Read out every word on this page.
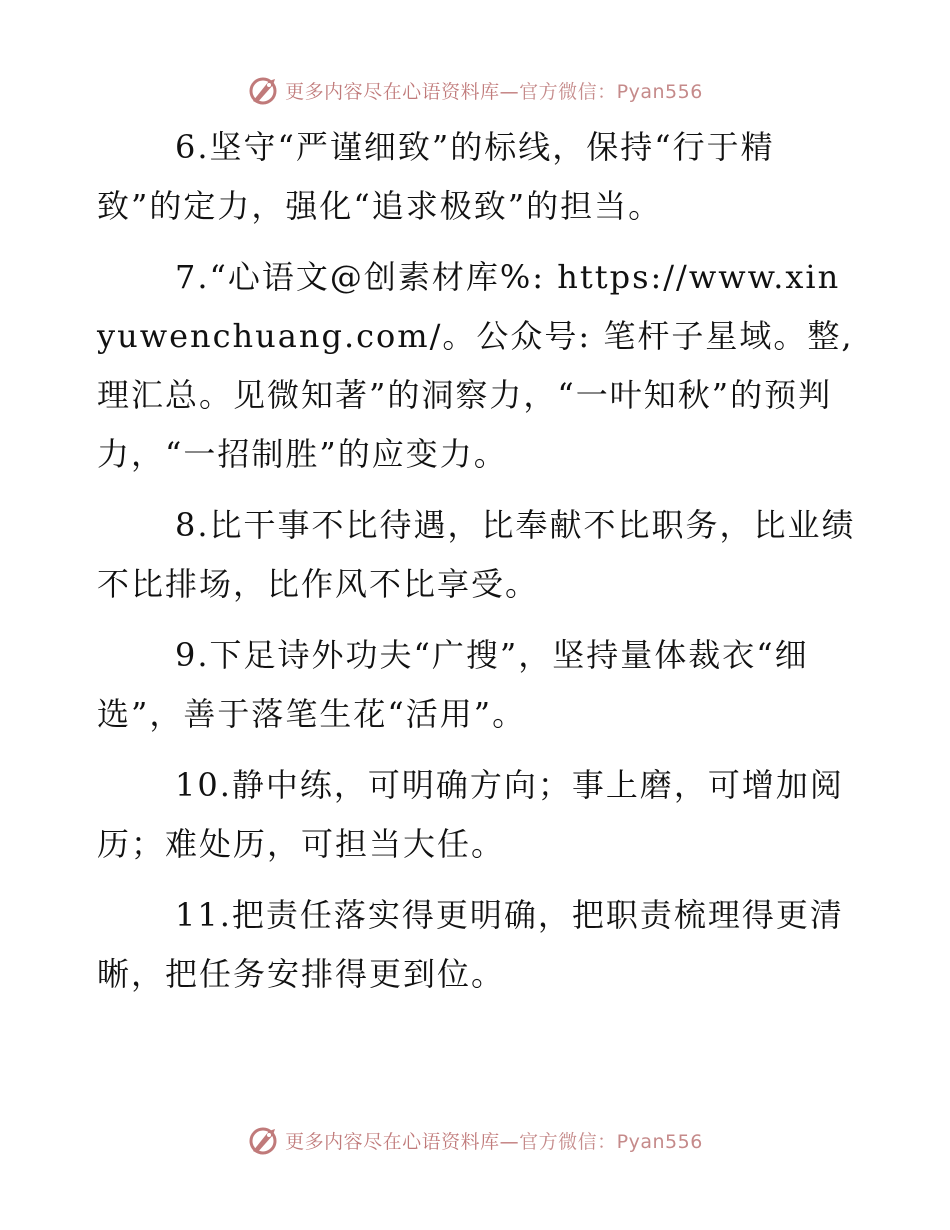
更多内容尽在心语资料库—官方微信：Pyan556

6.坚守“严谨细致”的标线，保持“行于精致”的定力，强化“追求极致”的担当。

7.“心语文@创素材库%: https://www.xinyuwenchuang.com/。公众号: 笔杆子星域。整,理汇总。见微知著”的洞察力，“一叶知秋”的预判力，“一招制胜”的应变力。

8.比干事不比待遇，比奉献不比职务，比业绩不比排场，比作风不比享受。

9.下足诗外功夫“广搜”，坚持量体裁衣“细选”，善于落笔生花“活用”。

10.静中练，可明确方向；事上磨，可增加阅历；难处历，可担当大任。

11.把责任落实得更明确，把职责梳理得更清晰，把任务安排得更到位。

更多内容尽在心语资料库—官方微信：Pyan556
